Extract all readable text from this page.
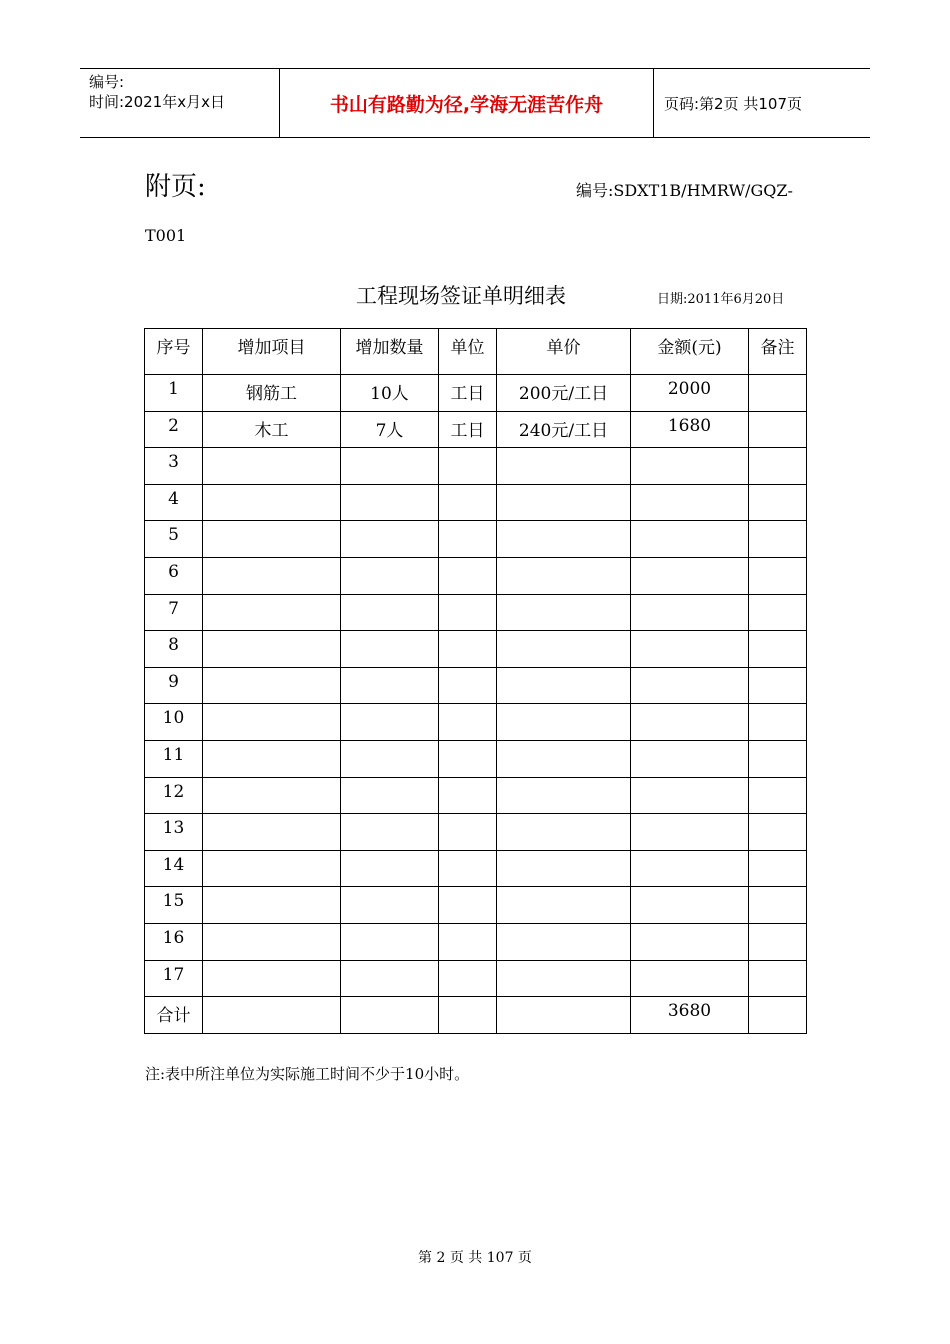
编号:
时间:2021年x月x日	书山有路勤为径,学海无涯苦作舟	页码:第2页 共107页
附页:	编号:SDXT1B/HMRW/GQZ-
T001
工程现场签证单明细表	日期:2011年6月20日
序号	增加项目	增加数量	单位	单价	金额(元)	备注
1	钢筋工	10人	工日	200元/工日	2000	
2	木工	7人	工日	240元/工日	1680	
3						
4						
5						
6						
7						
8						
9						
10						
11						
12						
13						
14						
15						
16						
17						
合计					3680	
注:表中所注单位为实际施工时间不少于10小时。
第 2 页 共 107 页
